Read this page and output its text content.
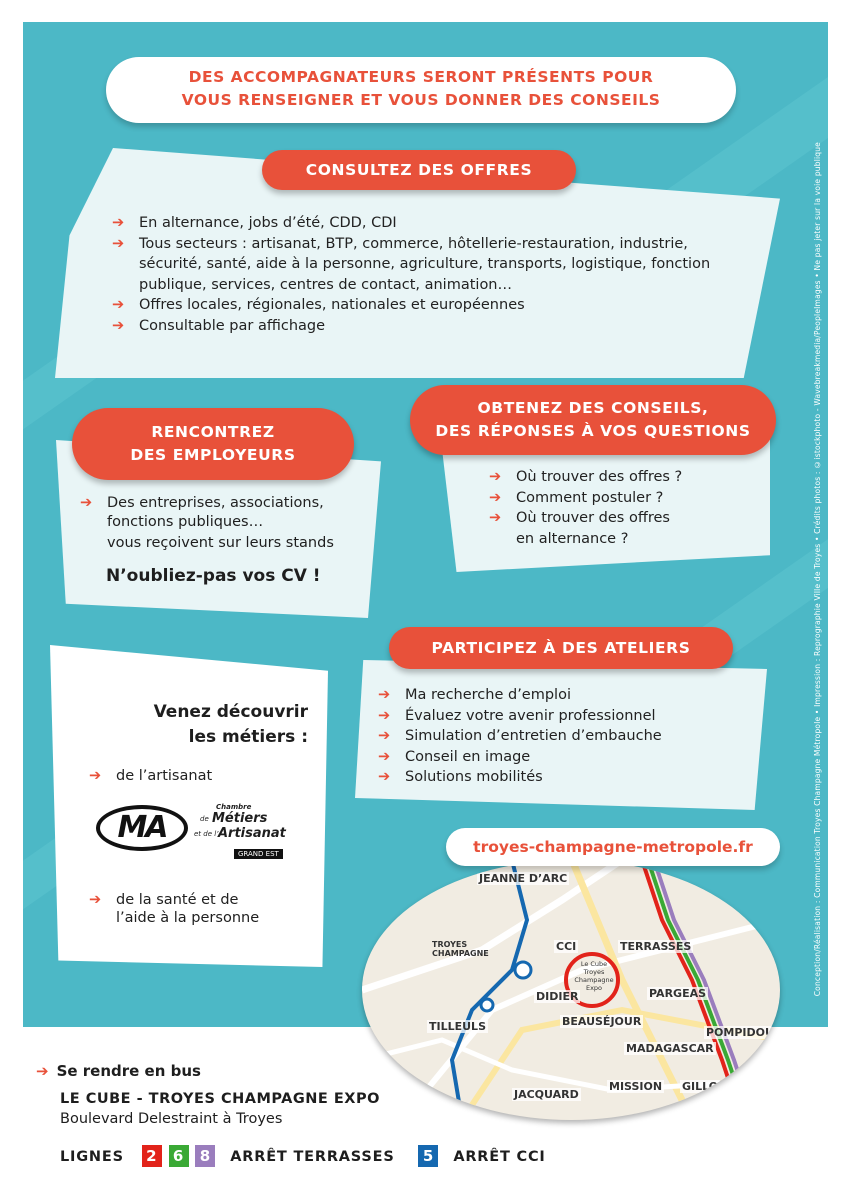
Conception/Réalisation : Communication Troyes Champagne Métropole • Impression : Reprographie Ville de Troyes • Crédits photos : ©istockphoto - Wavebreakmedia/PeopleImages • Ne pas jeter sur la voie publique
DES ACCOMPAGNATEURS SERONT PRÉSENTS POUR
VOUS RENSEIGNER ET VOUS DONNER DES CONSEILS
CONSULTEZ DES OFFRES
➔ En alternance, jobs d’été, CDD, CDI
➔ Tous secteurs : artisanat, BTP, commerce, hôtellerie-restauration, industrie, sécurité, santé, aide à la personne, agriculture, transports, logistique, fonction publique, services, centres de contact, animation…
➔ Offres locales, régionales, nationales et européennes
➔ Consultable par affichage
RENCONTREZ
DES EMPLOYEURS
➔ Des entreprises, associations,
fonctions publiques…
vous reçoivent sur leurs stands
N’oubliez-pas vos CV !
OBTENEZ DES CONSEILS,
DES RÉPONSES À VOS QUESTIONS
➔ Où trouver des offres ?
➔ Comment postuler ?
➔ Où trouver des offres en alternance ?
Venez découvrir
les métiers :
➔ de l’artisanat
MA
Chambre
de Métiers
et de l’ Artisanat
GRAND EST
➔ de la santé et de
l’aide à la personne
PARTICIPEZ À DES ATELIERS
➔ Ma recherche d’emploi
➔ Évaluez votre avenir professionnel
➔ Simulation d’entretien d’embauche
➔ Conseil en image
➔ Solutions mobilités
Le Cube
Troyes
Champagne
Expo
TROYES
CHAMPAGNE
JEANNE D’ARC
DIDIER
TILLEULS	BEAUSÉJOUR
PARGEAS
MADAGASCAR
POMPIDOU
MISSION
JACQUARD
TERRASSES
CCI
GILLO
troyes-champagne-metropole.fr
➔ Se rendre en bus
LE CUBE - TROYES CHAMPAGNE EXPO
Boulevard Delestraint à Troyes
LIGNES 2 6 8 ARRÊT TERRASSES 5 ARRÊT CCI
